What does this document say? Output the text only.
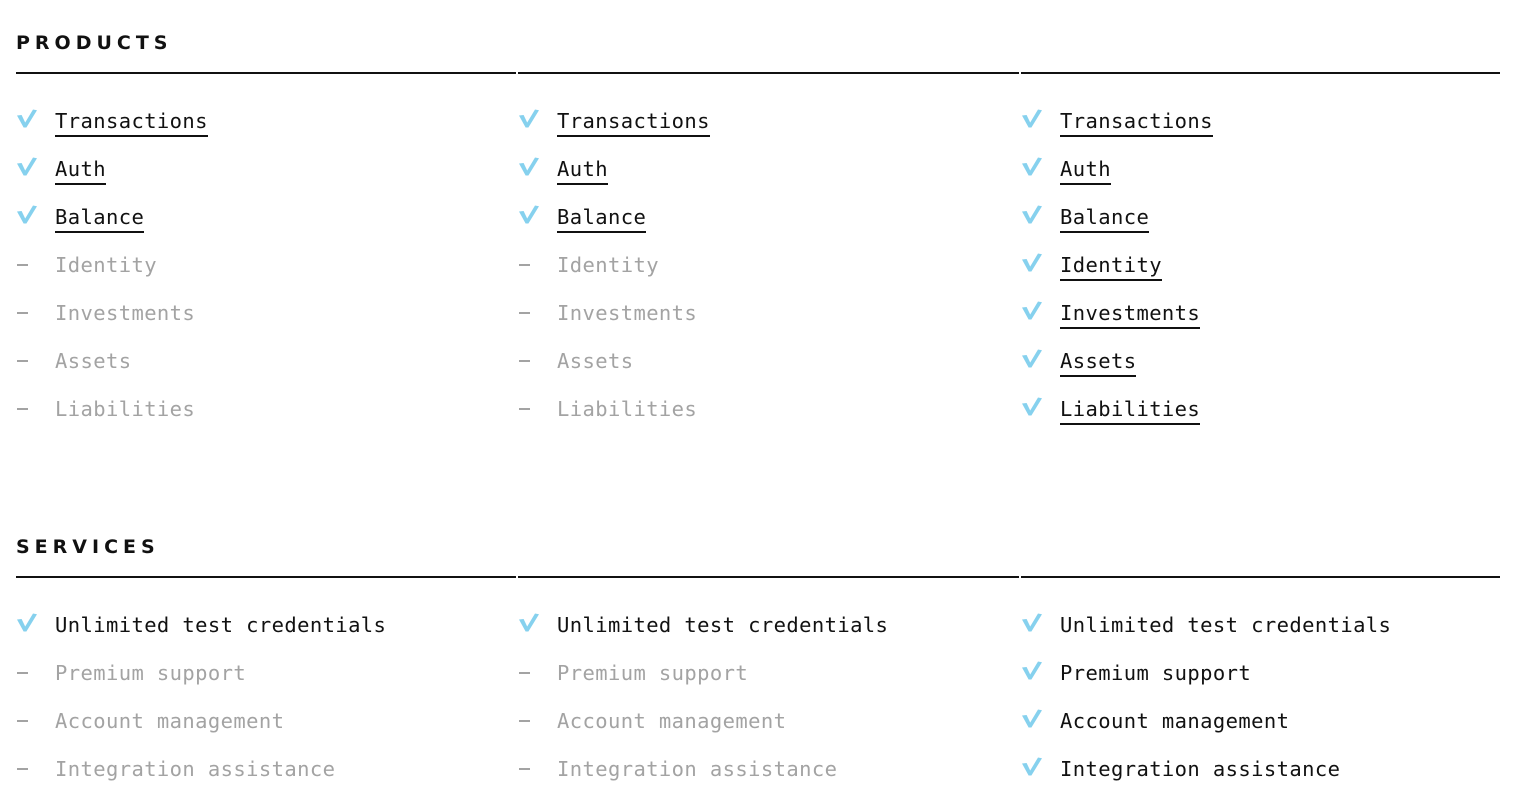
PRODUCTS
Transactions
Auth
Balance
Identity
Investments
Assets
Liabilities
Transactions
Auth
Balance
Identity
Investments
Assets
Liabilities
Transactions
Auth
Balance
Identity
Investments
Assets
Liabilities
SERVICES
Unlimited test credentials
Premium support
Account management
Integration assistance
Unlimited test credentials
Premium support
Account management
Integration assistance
Unlimited test credentials
Premium support
Account management
Integration assistance
